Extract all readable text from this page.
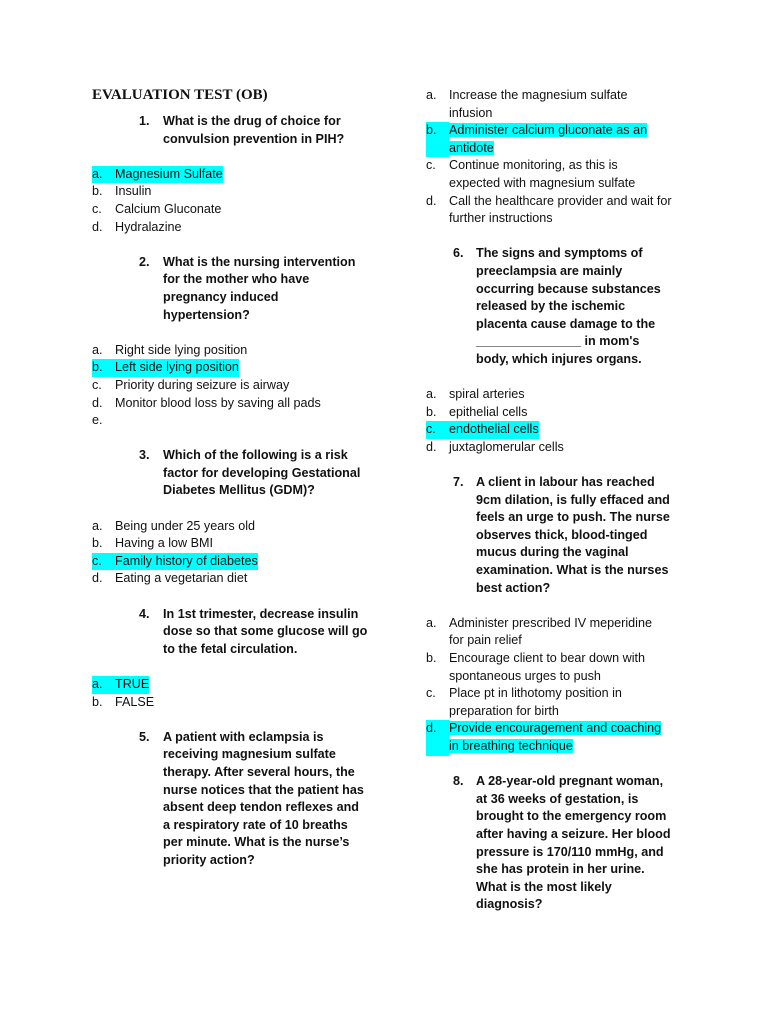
EVALUATION TEST (OB)
1.	What is the drug of choice for convulsion prevention in PIH?
a. Magnesium Sulfate
b. Insulin
c.	Calcium Gluconate
d. Hydralazine
2.	What is the nursing intervention for the mother who have pregnancy induced hypertension?
a. Right side lying position
b. Left side lying position
c.	Priority during seizure is airway
d. Monitor blood loss by saving all pads
e.
3.	Which of the following is a risk factor for developing Gestational Diabetes Mellitus (GDM)?
a. Being under 25 years old
b. Having a low BMI
c.	Family history of diabetes
d. Eating a vegetarian diet
4.	In 1st trimester, decrease insulin dose so that some glucose will go to the fetal circulation.
a. TRUE
b. FALSE
5.	A patient with eclampsia is receiving magnesium sulfate therapy. After several hours, the nurse notices that the patient has absent deep tendon reflexes and a respiratory rate of 10 breaths per minute. What is the nurse’s priority action?
a. Increase the magnesium sulfate infusion
b. Administer calcium gluconate as an antidote
c.	Continue monitoring, as this is expected with magnesium sulfate
d. Call the healthcare provider and wait for further instructions
6. The signs and symptoms of preeclampsia are mainly occurring because substances released by the ischemic placenta cause damage to the _______________ in mom's body, which injures organs.
a. spiral arteries
b. epithelial cells
c.	endothelial cells
d. juxtaglomerular cells
7. A client in labour has reached 9cm dilation, is fully effaced and feels an urge to push. The nurse observes thick, blood-tinged mucus during the vaginal examination. What is the nurses best action?
a. Administer prescribed IV meperidine for pain relief
b. Encourage client to bear down with spontaneous urges to push
c.	Place pt in lithotomy position in preparation for birth
d. Provide encouragement and coaching in breathing technique
8. A 28-year-old pregnant woman, at 36 weeks of gestation, is brought to the emergency room after having a seizure. Her blood pressure is 170/110 mmHg, and she has protein in her urine. What is the most likely diagnosis?
